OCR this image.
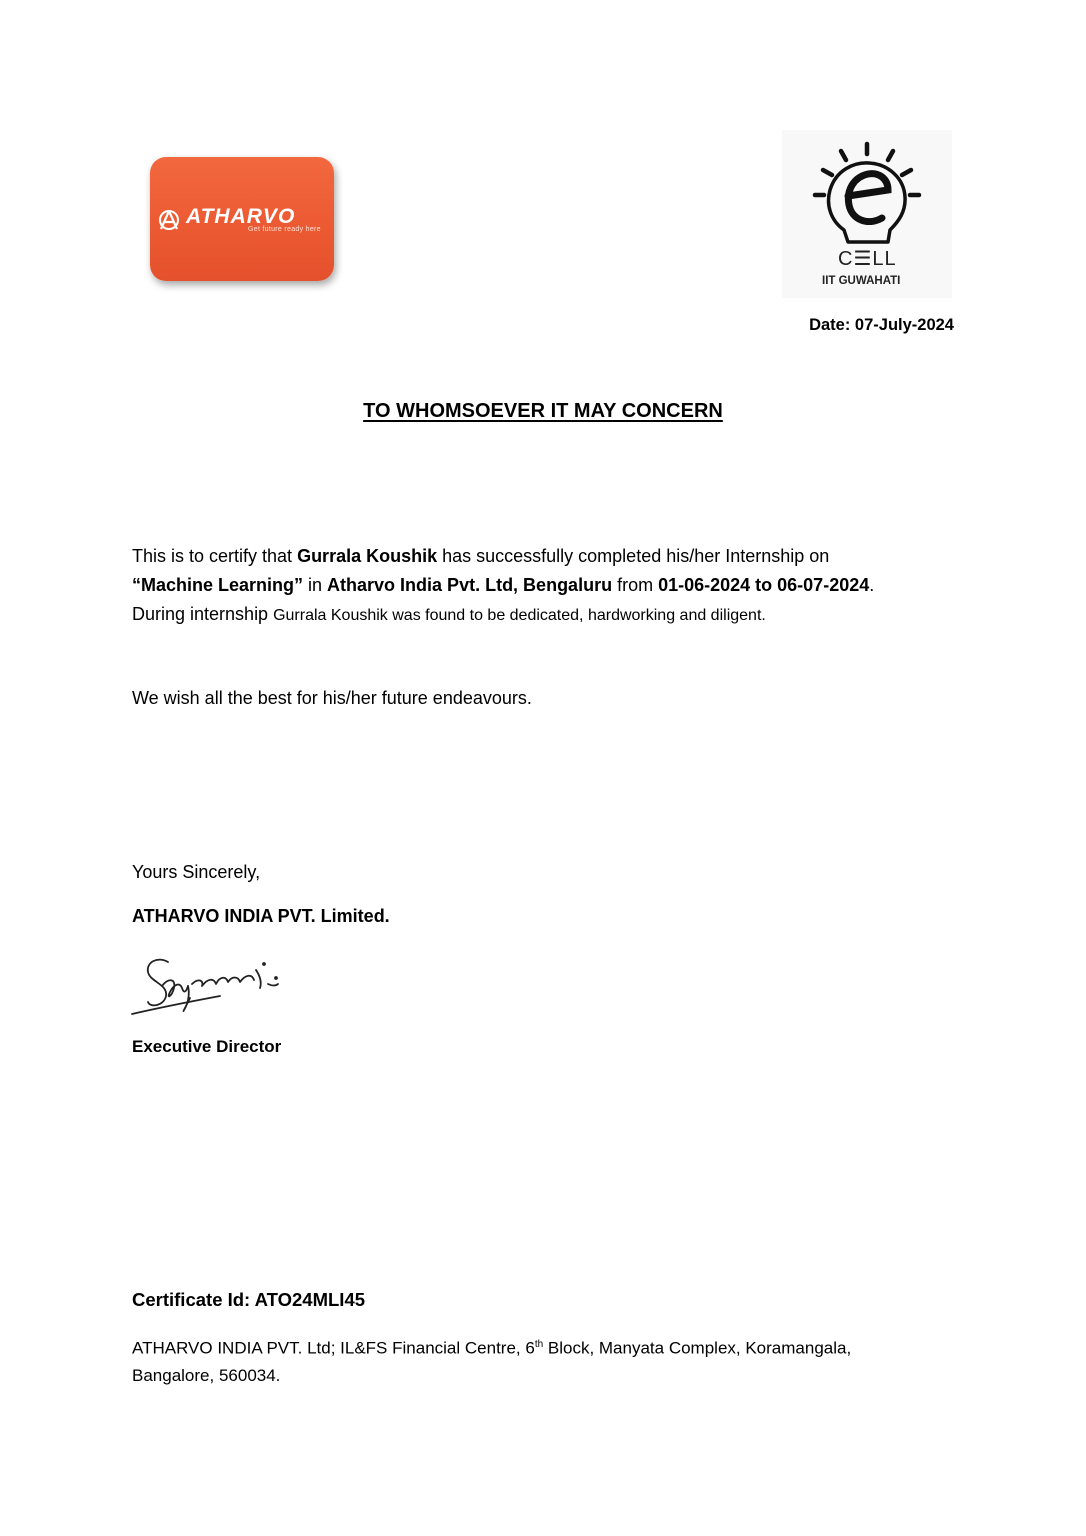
ATHARVO
Get future ready here
C☰LL
IIT GUWAHATI
Date: 07-July-2024
TO WHOMSOEVER IT MAY CONCERN
This is to certify that Gurrala Koushik has successfully completed his/her Internship on
“Machine Learning” in Atharvo India Pvt. Ltd, Bengaluru from 01-06-2024 to 06-07-2024.
During internship Gurrala Koushik was found to be dedicated, hardworking and diligent.
We wish all the best for his/her future endeavours.
Yours Sincerely,
ATHARVO INDIA PVT. Limited.
Executive Director
Certificate Id: ATO24MLI45
ATHARVO INDIA PVT. Ltd; IL&FS Financial Centre, 6th Block, Manyata Complex, Koramangala,
Bangalore, 560034.
